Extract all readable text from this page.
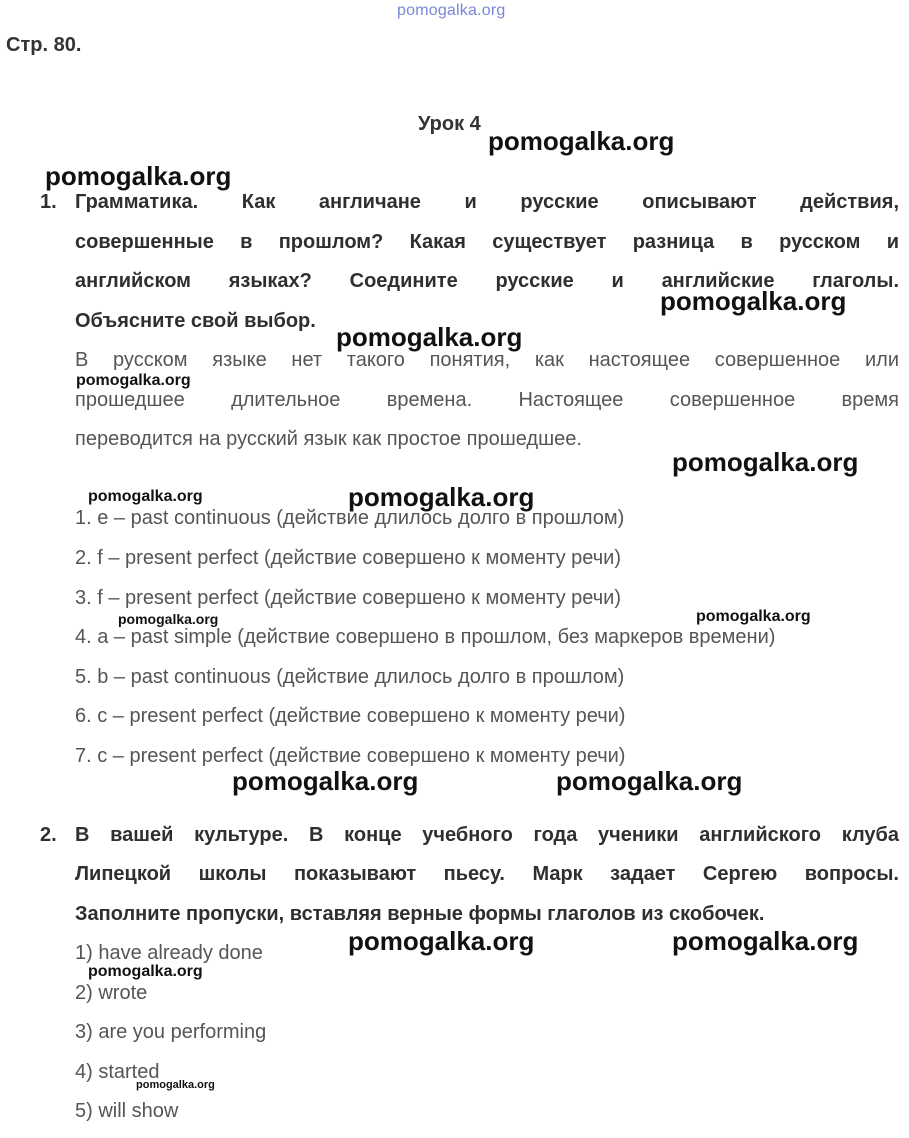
pomogalka.org
Стр. 80.
Урок 4
1. Грамматика. Как англичане и русские описывают действия,
совершенные в прошлом? Какая существует разница в русском и
английском языках? Соедините русские и английские глаголы.
Объясните свой выбор.
В русском языке нет такого понятия, как настоящее совершенное или
прошедшее длительное времена. Настоящее совершенное время
переводится на русский язык как простое прошедшее.
1. e – past continuous (действие длилось долго в прошлом)
2. f – present perfect (действие совершено к моменту речи)
3. f – present perfect (действие совершено к моменту речи)
4. a – past simple (действие совершено в прошлом, без маркеров времени)
5. b – past continuous (действие длилось долго в прошлом)
6. c – present perfect (действие совершено к моменту речи)
7. c – present perfect (действие совершено к моменту речи)
2. В вашей культуре. В конце учебного года ученики английского клуба
Липецкой школы показывают пьесу. Марк задает Сергею вопросы.
Заполните пропуски, вставляя верные формы глаголов из скобочек.
1) have already done
2) wrote
3) are you performing
4) started
5) will show
pomogalka.org
pomogalka.org
pomogalka.org
pomogalka.org
pomogalka.org
pomogalka.org
pomogalka.org	pomogalka.org
pomogalka.org
pomogalka.org
pomogalka.org	pomogalka.org
pomogalka.org	pomogalka.org
pomogalka.org
pomogalka.org
